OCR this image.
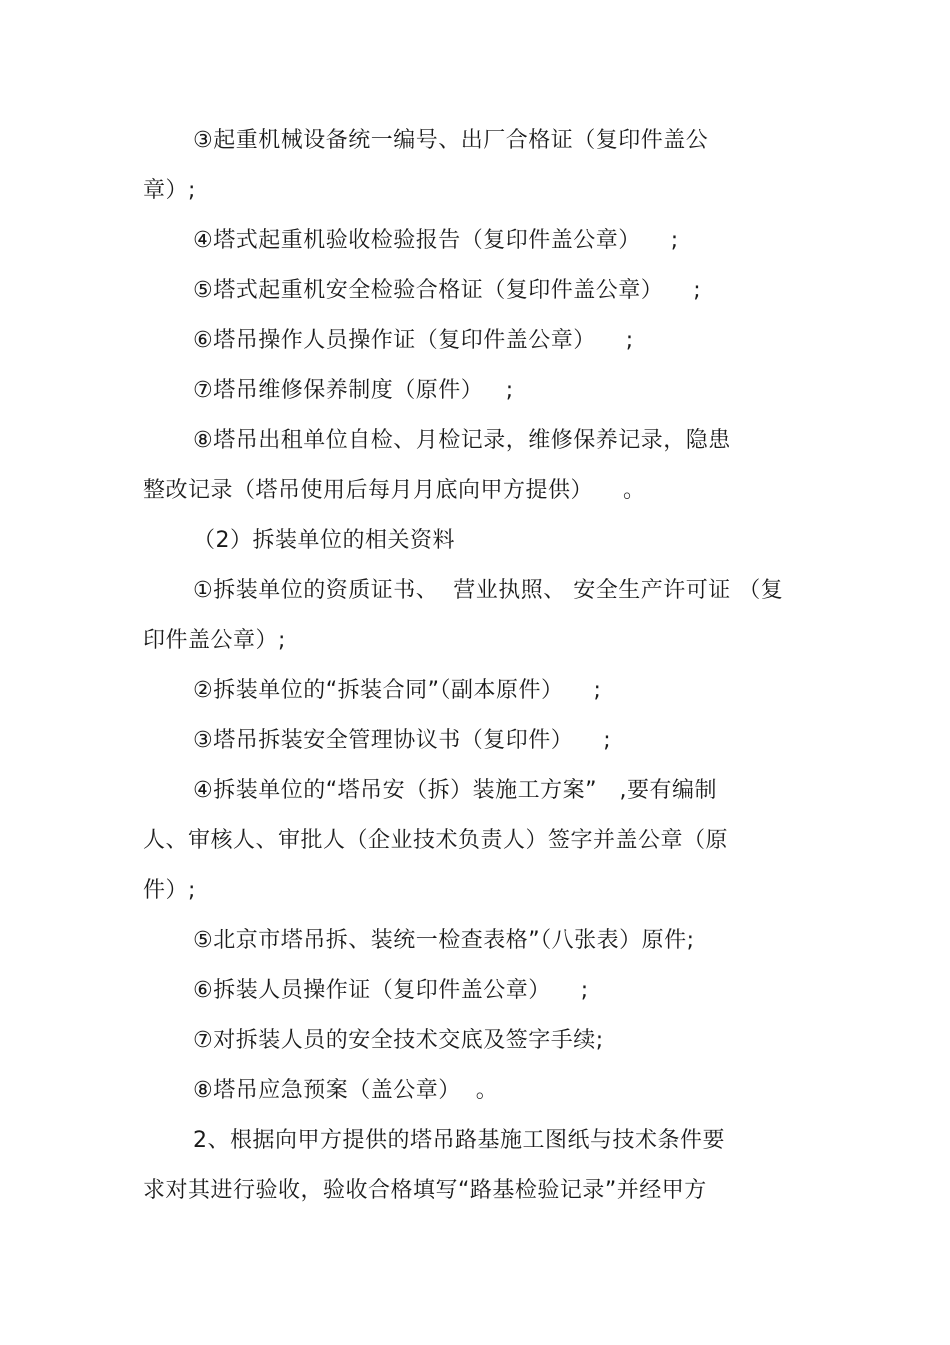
③起重机械设备统一编号、出厂合格证（复印件盖公
章）;
④塔式起重机验收检验报告（复印件盖公章）    ;
⑤塔式起重机安全检验合格证（复印件盖公章）    ;
⑥塔吊操作人员操作证（复印件盖公章）    ;
⑦塔吊维修保养制度（原件）   ;
⑧塔吊出租单位自检、月检记录，维修保养记录，隐患
整改记录（塔吊使用后每月月底向甲方提供）    。
（2）拆装单位的相关资料
①拆装单位的资质证书、  营业执照、 安全生产许可证 （复
印件盖公章）;
②拆装单位的“拆装合同”（副本原件）    ;
③塔吊拆装安全管理协议书（复印件）    ;
④拆装单位的“塔吊安（拆）装施工方案”   ,要有编制
人、审核人、审批人（企业技术负责人）签字并盖公章（原
件）;
⑤北京市塔吊拆、装统一检查表格”（八张表）原件;
⑥拆装人员操作证（复印件盖公章）    ;
⑦对拆装人员的安全技术交底及签字手续;
⑧塔吊应急预案（盖公章）  。
2、根据向甲方提供的塔吊路基施工图纸与技术条件要
求对其进行验收，验收合格填写“路基检验记录”并经甲方
